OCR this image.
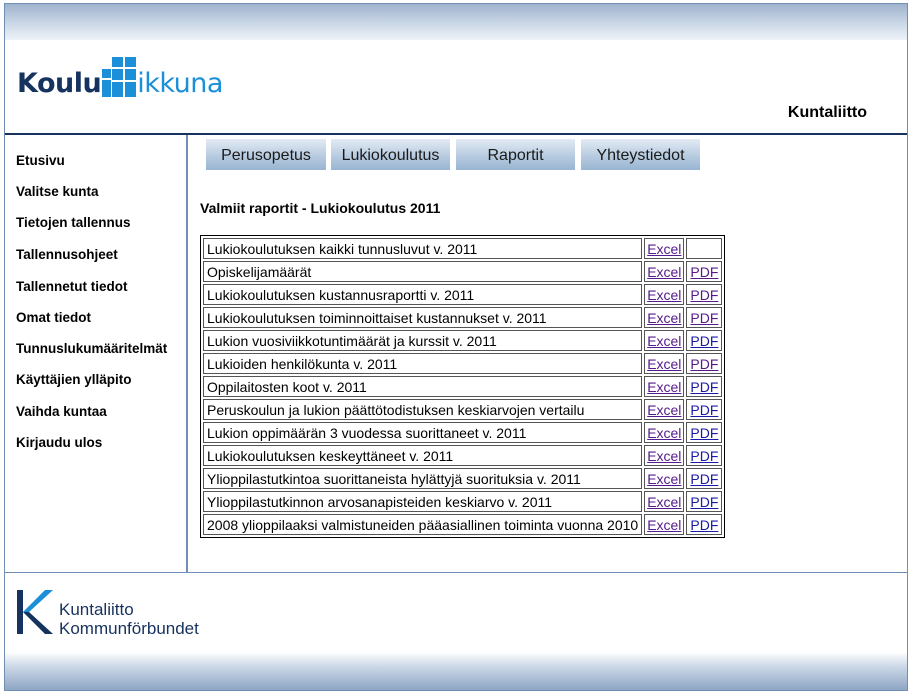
Koulu ikkuna
Kuntaliitto
Etusivu
Valitse kunta
Tietojen tallennus
Tallennusohjeet
Tallennetut tiedot
Omat tiedot
Tunnuslukumääritelmät
Käyttäjien ylläpito
Vaihda kuntaa
Kirjaudu ulos
Perusopetus	Lukiokoulutus	Raportit	Yhteystiedot
Valmiit raportit - Lukiokoulutus 2011
Lukiokoulutuksen kaikki tunnusluvut v. 2011	Excel	
Opiskelijamäärät	Excel	PDF
Lukiokoulutuksen kustannusraportti v. 2011	Excel	PDF
Lukiokoulutuksen toiminnoittaiset kustannukset v. 2011	Excel	PDF
Lukion vuosiviikkotuntimäärät ja kurssit v. 2011	Excel	PDF
Lukioiden henkilökunta v. 2011	Excel	PDF
Oppilaitosten koot v. 2011	Excel	PDF
Peruskoulun ja lukion päättötodistuksen keskiarvojen vertailu	Excel	PDF
Lukion oppimäärän 3 vuodessa suorittaneet v. 2011	Excel	PDF
Lukiokoulutuksen keskeyttäneet v. 2011	Excel	PDF
Ylioppilastutkintoa suorittaneista hylättyjä suorituksia v. 2011	Excel	PDF
Ylioppilastutkinnon arvosanapisteiden keskiarvo v. 2011	Excel	PDF
2008 ylioppilaaksi valmistuneiden pääasiallinen toiminta vuonna 2010	Excel	PDF
Kuntaliitto
Kommunförbundet
